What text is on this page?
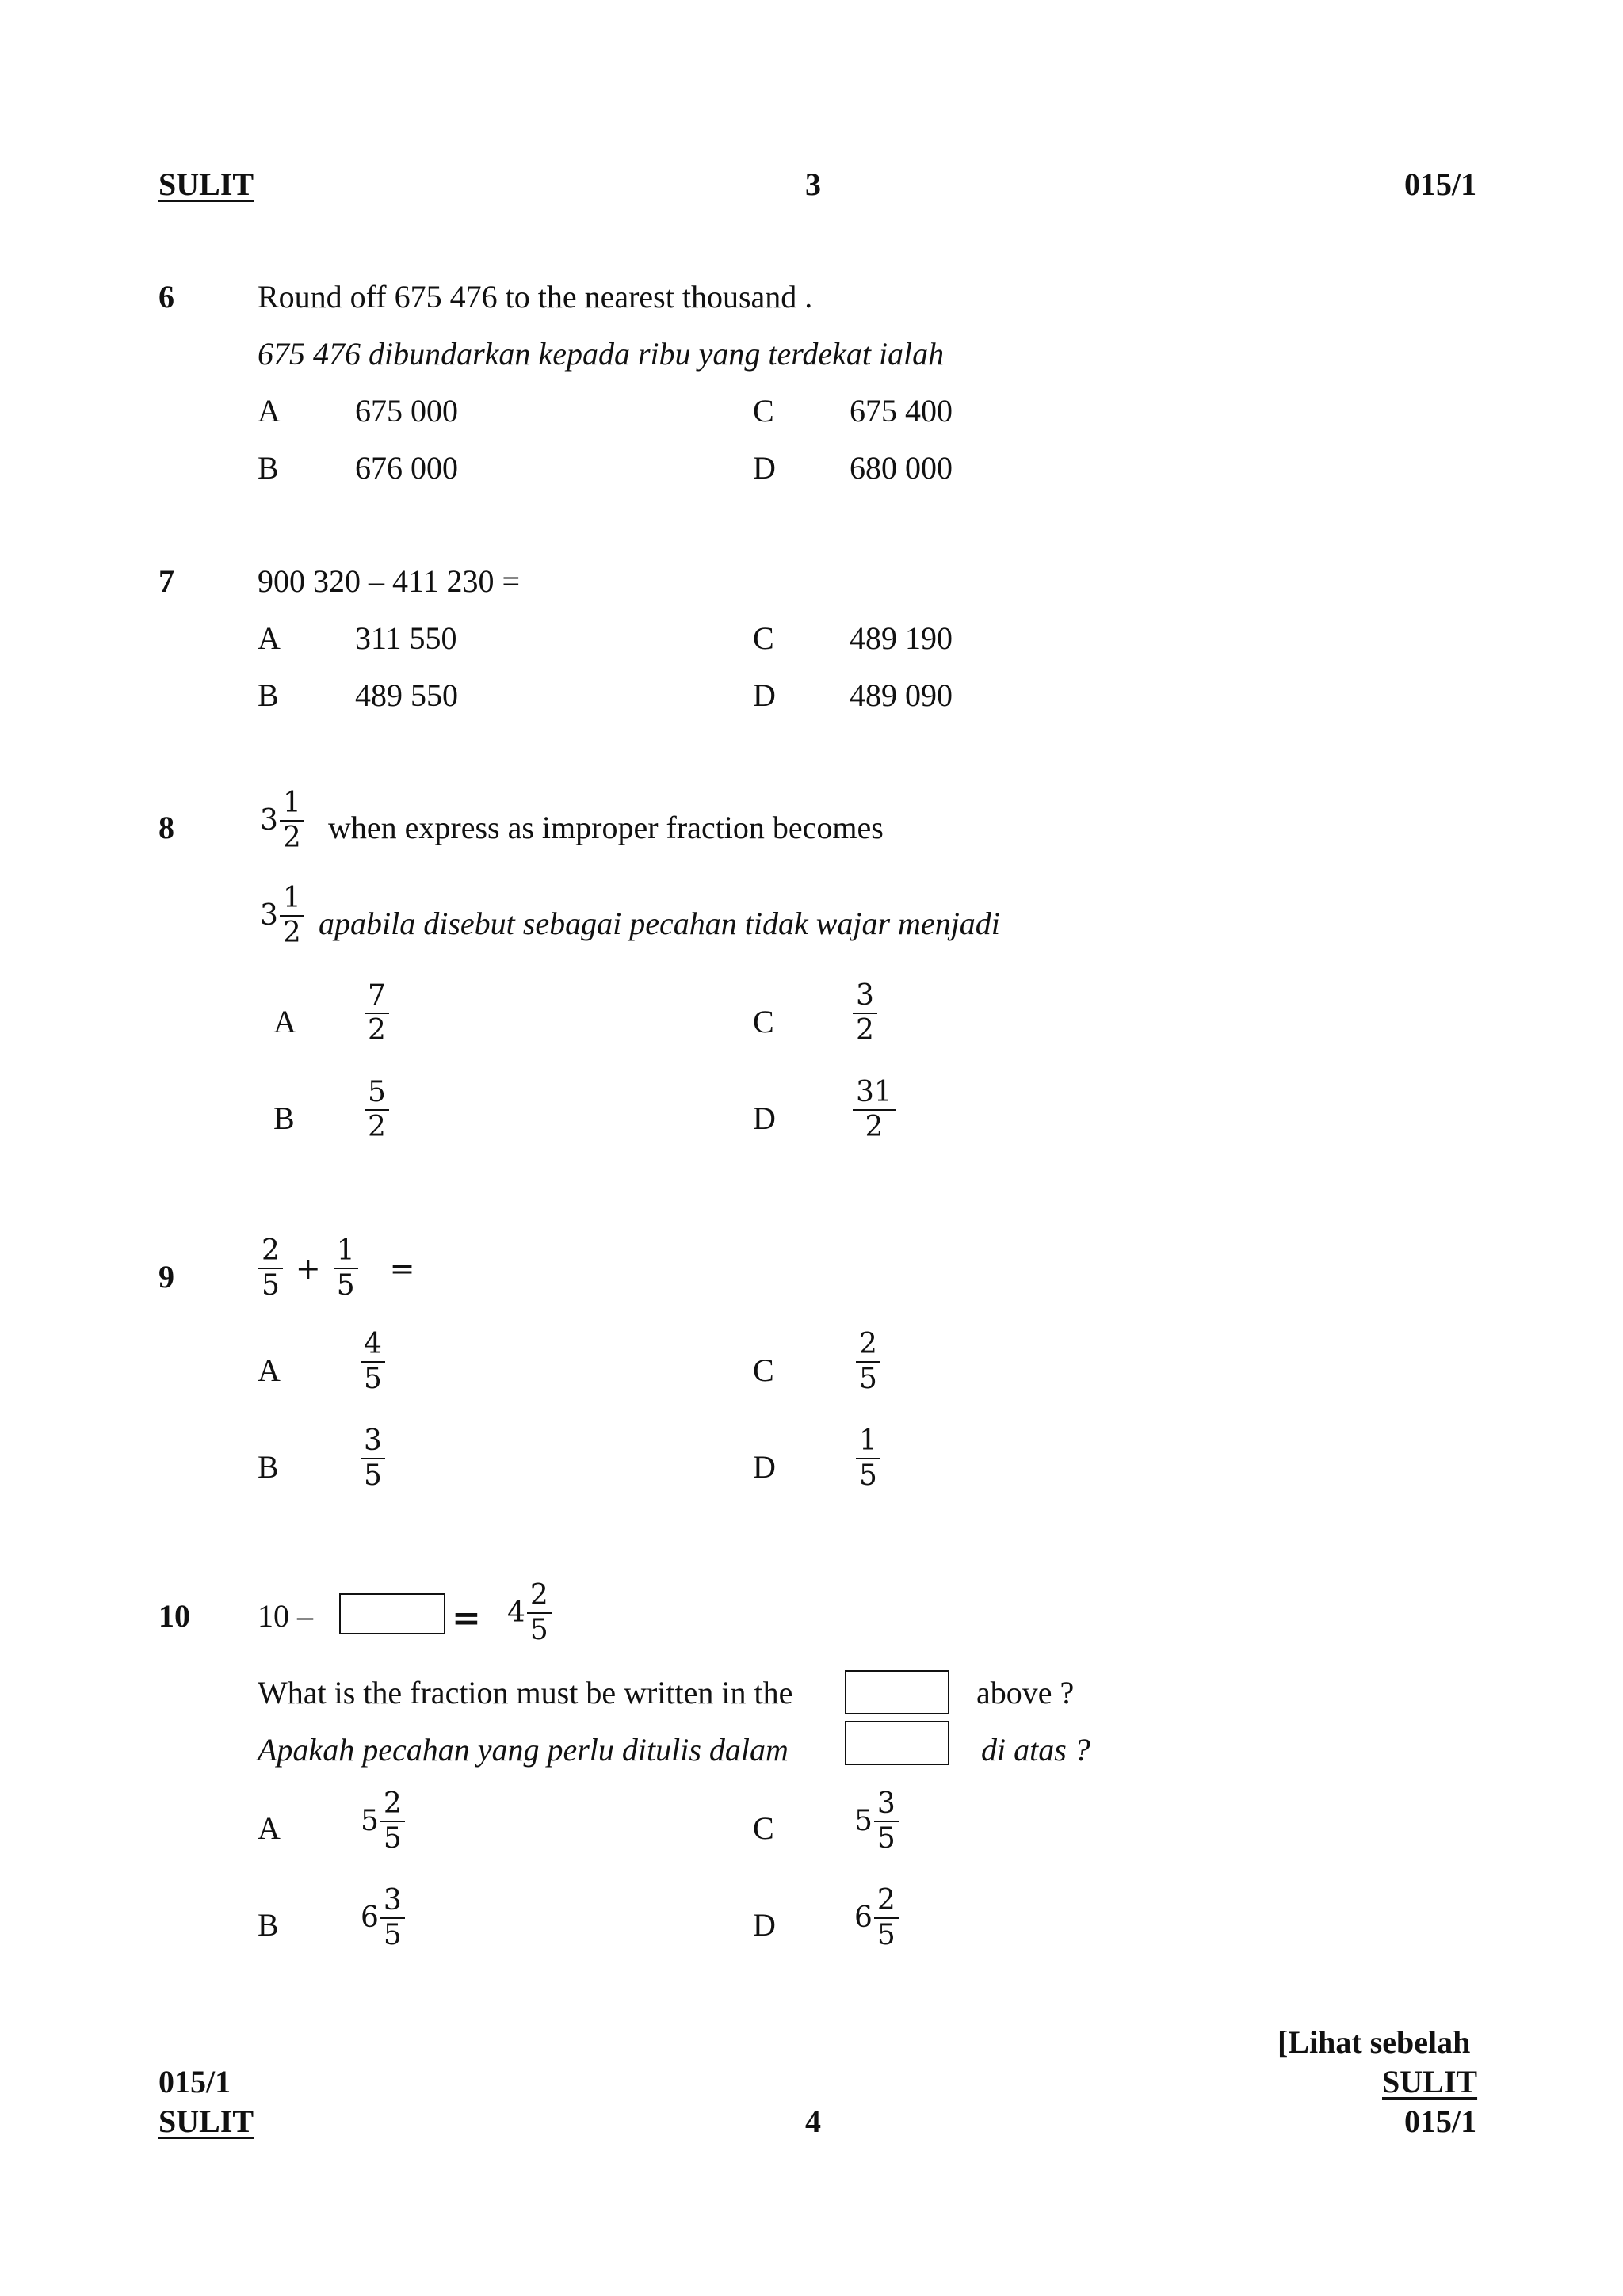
SULIT	3	015/1
6	Round off 675 476 to the nearest thousand .
675 476 dibundarkan kepada ribu yang terdekat ialah
A 675 000	C 675 400
B 676 000	D 680 000
7	900 320 – 411 230 =
A 311 550	C 489 190
B 489 550	D 489 090
8	$3 \frac{1}{2}$ when express as improper fraction becomes
$3 \frac{1}{2}$ apabila disebut sebagai pecahan tidak wajar menjadi
A $\frac{7}{2}$	C	$\frac{3}{2}$
B $\frac{5}{2}$	D	$\frac{31}{2}$
9	$\frac{2}{5} + \frac{1}{5}$ =
A	$\frac{4}{5}$	C	$\frac{2}{5}$
B	$\frac{3}{5}$	D	$\frac{1}{5}$
10 10 –	= $4 \frac{2}{5}$
What is the fraction must be written in the	above ?
Apakah pecahan yang perlu ditulis dalam	di atas ?
A	$5 \frac{2}{5}$	C	$5 \frac{3}{5}$
B	$6 \frac{3}{5}$	D	$6 \frac{2}{5}$
[Lihat sebelah
015/1	SULIT
SULIT	4	015/1
